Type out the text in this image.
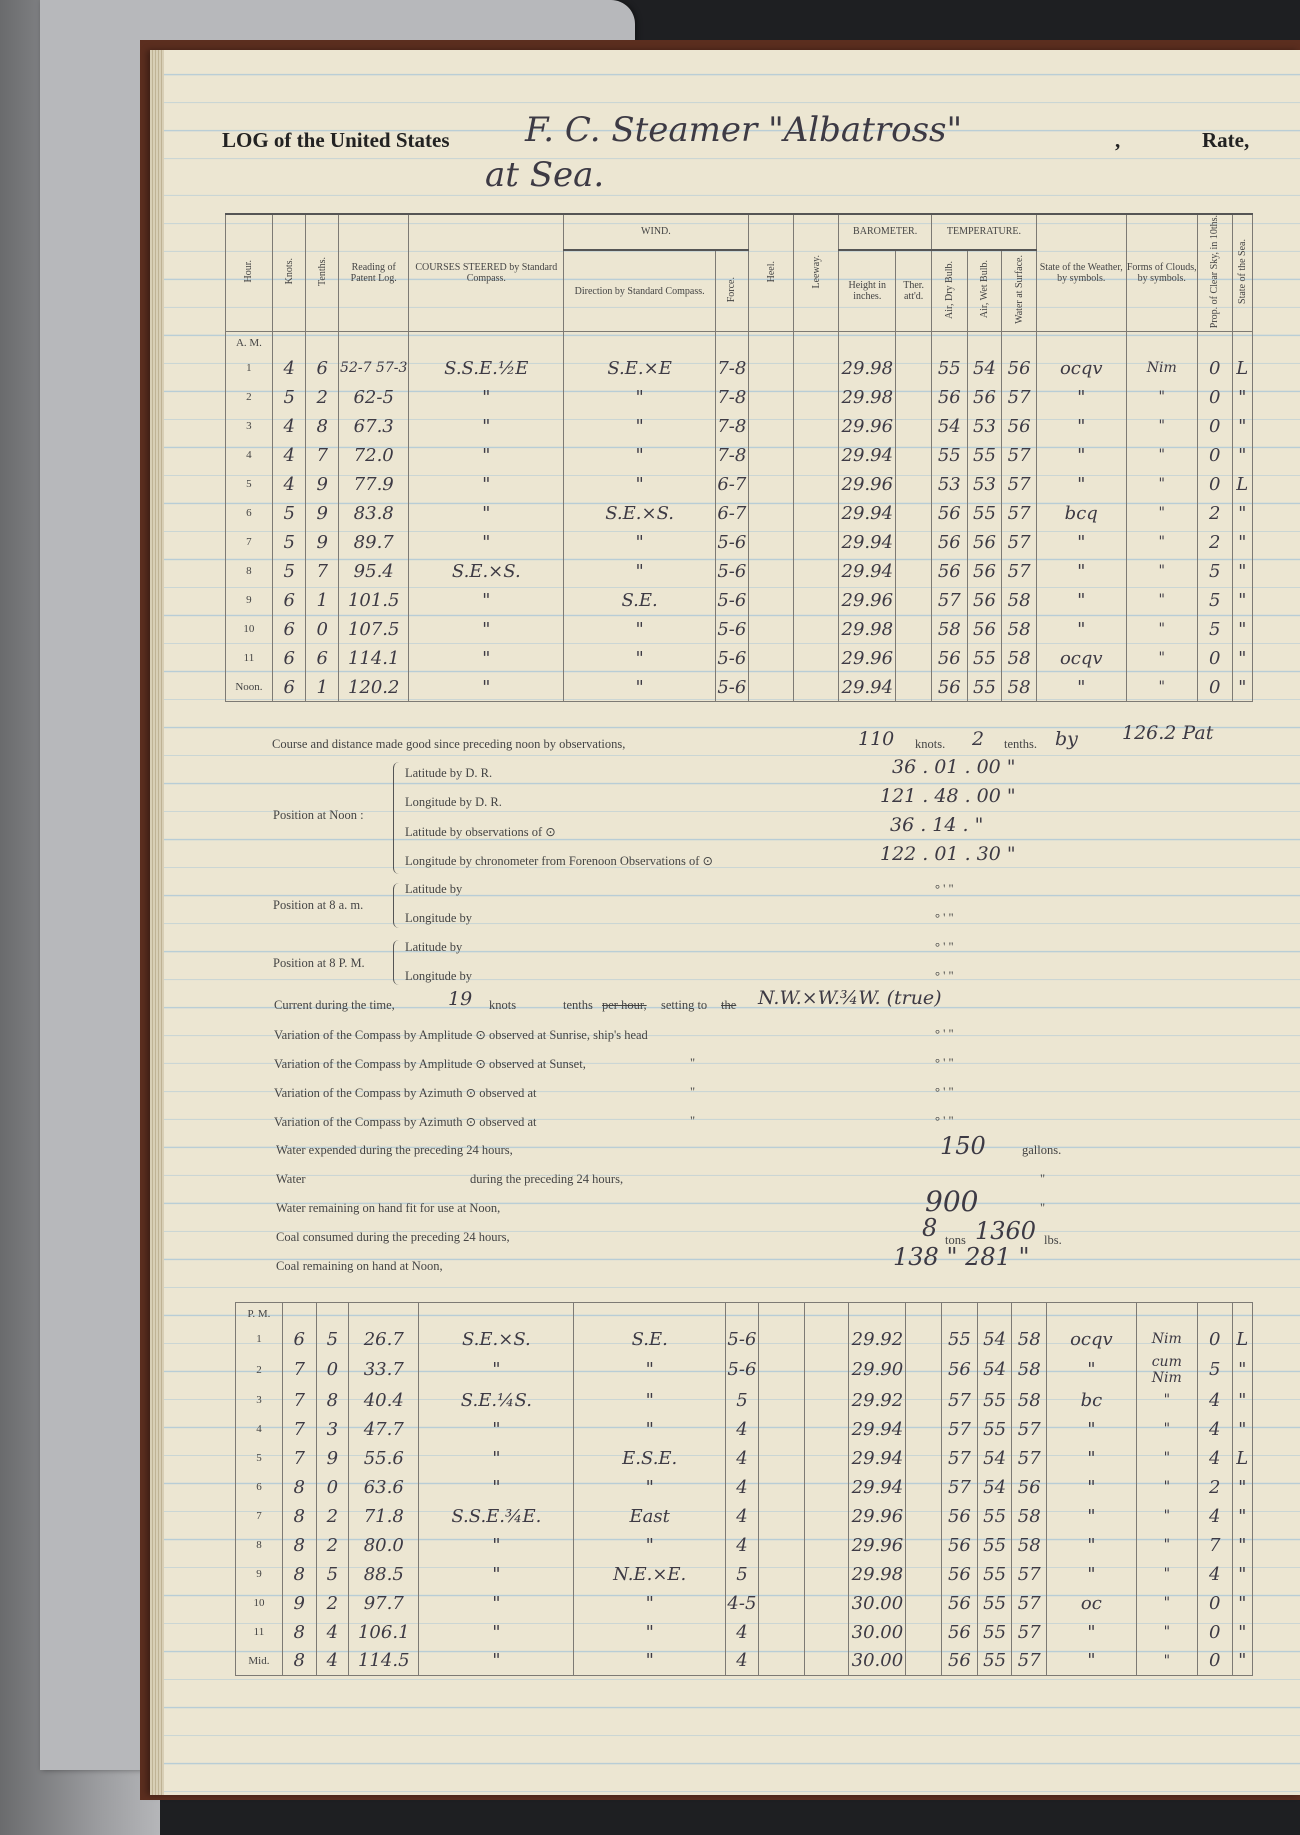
LOG of the United States F. C. Steamer "Albatross"
at Sea.
,	Rate,
Hour.	Knots.	Tenths.	Reading of Patent Log.	COURSES STEERED by Standard Compass.	WIND.		Heel.	Leeway.	BAROMETER.		TEMPERATURE.			State of the Weather, by symbols.	Forms of Clouds, by symbols.	Prop. of Clear Sky, in 10ths.	State of the Sea.
					Direction by Standard Compass.	Force.			Height in inches.	Ther. att'd.	Air, Dry Bulb.	Air, Wet Bulb.	Water at Surface.				
A. M.																	
1	4	6	52-7 57-3	S.S.E.½E	S.E.×E	7-8			29.98		55	54	56	ocqv	Nim	0	L
2	5	2	62-5	"	"	7-8			29.98		56	56	57	"	"	0	"
3	4	8	67.3	"	"	7-8			29.96		54	53	56	"	"	0	"
4	4	7	72.0	"	"	7-8			29.94		55	55	57	"	"	0	"
5	4	9	77.9	"	"	6-7			29.96		53	53	57	"	"	0	L
6	5	9	83.8	"	S.E.×S.	6-7			29.94		56	55	57	bcq	"	2	"
7	5	9	89.7	"	"	5-6			29.94		56	56	57	"	"	2	"
8	5	7	95.4	S.E.×S.	"	5-6			29.94		56	56	57	"	"	5	"
9	6	1	101.5	"	S.E.	5-6			29.96		57	56	58	"	"	5	"
10	6	0	107.5	"	"	5-6			29.98		58	56	58	"	"	5	"
11	6	6	114.1	"	"	5-6			29.96		56	55	58	ocqv	"	0	"
Noon.	6	1	120.2	"	"	5-6			29.94		56	55	58	"	"	0	"

Course and distance made good since preceding noon by observations,	110 knots. 2 tenths. by 126.2 Pat
Position at Noon :
Latitude by D. R.	36 . 01 . 00 "
Longitude by D. R.	121 . 48 . 00 "
Latitude by observations of ⊙	36 . 14 . "
Longitude by chronometer from Forenoon Observations of ⊙	122 . 01 . 30 "
Position at 8 a. m.
Latitude by	° ' "
Longitude by	° ' "
Position at 8 P. M.
Latitude by	° ' "
Longitude by	° ' "
Current during the time,	19 knots	tenths per hour, setting to the N.W.×W.¾W. (true)
Variation of the Compass by Amplitude ⊙ observed at Sunrise, ship's head	° ' "
Variation of the Compass by Amplitude ⊙ observed at Sunset,	"	° ' "
Variation of the Compass by Azimuth ⊙ observed at	"	° ' "
Variation of the Compass by Azimuth ⊙ observed at	"	° ' "
Water expended during the preceding 24 hours,	150	gallons.
Water	during the preceding 24 hours,	"
Water remaining on hand fit for use at Noon,	900	"
Coal consumed during the preceding 24 hours,	8 tons 1360 lbs.
Coal remaining on hand at Noon,	138 " 281 "
P. M.																	
1	6	5	26.7	S.E.×S.	S.E.	5-6			29.92		55	54	58	ocqv	Nim	0	L
2	7	0	33.7	"	"	5-6			29.90		56	54	58	"	cum Nim	5	"
3	7	8	40.4	S.E.¼S.	"	5			29.92		57	55	58	bc	"	4	"
4	7	3	47.7	"	"	4			29.94		57	55	57	"	"	4	"
5	7	9	55.6	"	E.S.E.	4			29.94		57	54	57	"	"	4	L
6	8	0	63.6	"	"	4			29.94		57	54	56	"	"	2	"
7	8	2	71.8	S.S.E.¾E.	East	4			29.96		56	55	58	"	"	4	"
8	8	2	80.0	"	"	4			29.96		56	55	58	"	"	7	"
9	8	5	88.5	"	N.E.×E.	5			29.98		56	55	57	"	"	4	"
10	9	2	97.7	"	"	4-5			30.00		56	55	57	oc	"	0	"
11	8	4	106.1	"	"	4			30.00		56	55	57	"	"	0	"
Mid.	8	4	114.5	"	"	4			30.00		56	55	57	"	"	0	"
